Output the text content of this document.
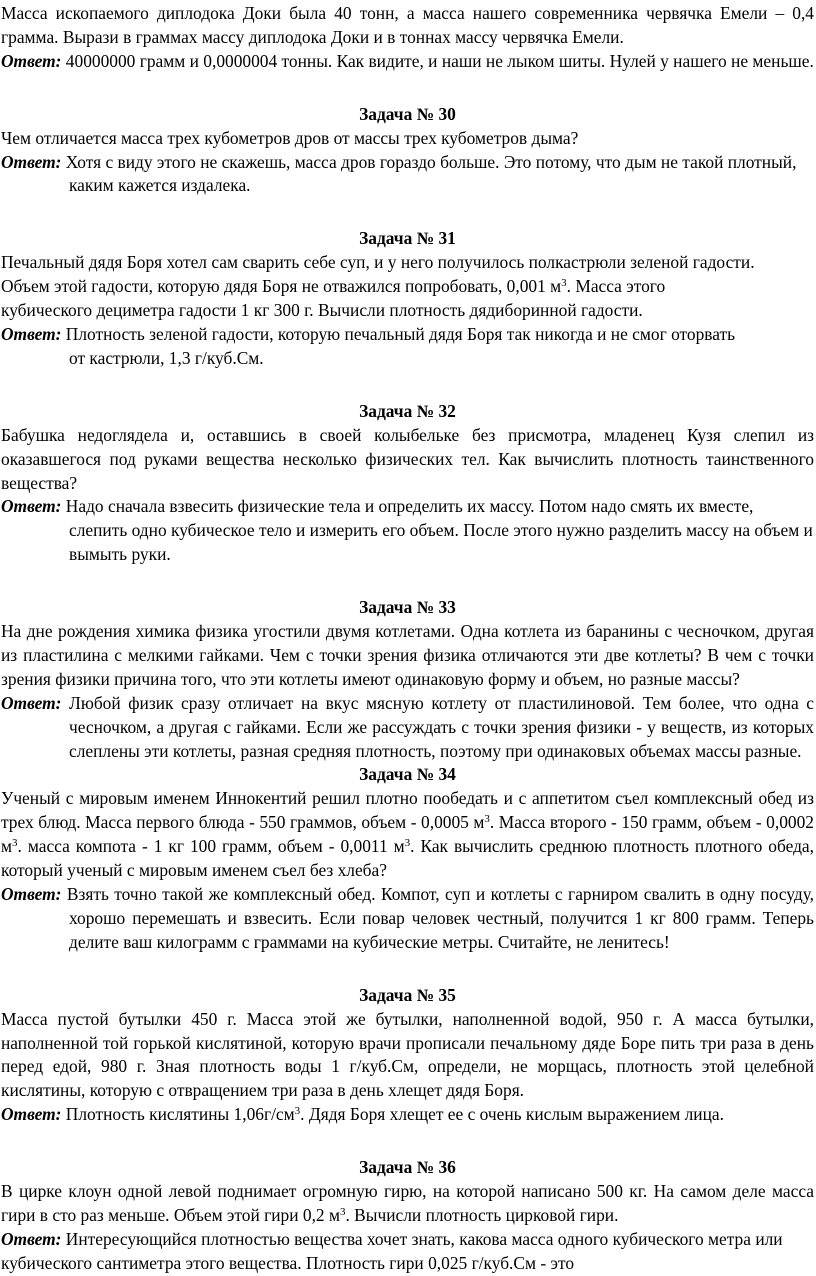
Масса ископаемого диплодока Доки была 40 тонн, а масса нашего современника червячка Емели – 0,4

грамма. Вырази в граммах массу диплодока Доки и в тоннах массу червячка Емели.

Ответ: 40000000 грамм и 0,0000004 тонны. Как видите, и наши не лыком шиты. Нулей у нашего не меньше.

Задача № 30

Чем отличается масса трех кубометров дров от массы трех кубометров дыма?

Ответ: Хотя с виду этого не скажешь, масса дров гораздо больше. Это потому, что дым не такой плотный, каким кажется издалека.

Задача № 31

Печальный дядя Боря хотел сам сварить себе суп, и у него получилось полкастрюли зеленой гадости.

Объем этой гадости, которую дядя Боря не отважился попробовать, 0,001 $м^3$. Масса этого

кубического дециметра гадости 1 кг 300 г. Вычисли плотность дядиборинной гадости.

Ответ: Плотность зеленой гадости, которую печальный дядя Боря так никогда и не смог оторвать

от кастрюли, 1,3 г/куб.См.

Задача № 32

Бабушка недоглядела и, оставшись в своей колыбельке без присмотра, младенец Кузя слепил из оказавшегося под руками вещества несколько физических тел. Как вычислить плотность таинственного вещества?

Ответ: Надо сначала взвесить физические тела и определить их массу. Потом надо смять их вместе, слепить одно кубическое тело и измерить его объем. После этого нужно разделить массу на объем и вымыть руки.

Задача № 33

На дне рождения химика физика угостили двумя котлетами. Одна котлета из баранины с чесночком, другая из пластилина с мелкими гайками. Чем с точки зрения физика отличаются эти две котлеты? В чем с точки зрения физики причина того, что эти котлеты имеют одинаковую форму и объем, но разные массы?

Ответ: Любой физик сразу отличает на вкус мясную котлету от пластилиновой. Тем более, что одна с чесночком, а другая с гайками. Если же рассуждать с точки зрения физики - у веществ, из которых слеплены эти котлеты, разная средняя плотность, поэтому при одинаковых объемах массы разные.

Задача № 34

Ученый с мировым именем Иннокентий решил плотно пообедать и с аппетитом съел комплексный обед из трех блюд. Масса первого блюда - 550 граммов, объем - 0,0005 $м^3$. Масса второго - 150 грамм, объем - 0,0002 $м^3$. масса компота - 1 кг 100 грамм, объем - 0,0011 $м^3$. Как вычислить среднюю плотность плотного обеда, который ученый с мировым именем съел без хлеба?

Ответ: Взять точно такой же комплексный обед. Компот, суп и котлеты с гарниром свалить в одну посуду, хорошо перемешать и взвесить. Если повар человек честный, получится 1 кг 800 грамм. Теперь делите ваш килограмм с граммами на кубические метры. Считайте, не ленитесь!

Задача № 35

Масса пустой бутылки 450 г. Масса этой же бутылки, наполненной водой, 950 г. А масса бутылки, наполненной той горькой кислятиной, которую врачи прописали печальному дяде Боре пить три раза в день перед едой, 980 г. Зная плотность воды 1 г/куб.См, определи, не морщась, плотность этой целебной кислятины, которую с отвращением три раза в день хлещет дядя Боря.

Ответ: Плотность кислятины $1,06г/см^3$. Дядя Боря хлещет ее с очень кислым выражением лица.

Задача № 36

В цирке клоун одной левой поднимает огромную гирю, на которой написано 500 кг. На самом деле масса гири в сто раз меньше. Объем этой гири 0,2 $м^3$. Вычисли плотность цирковой гири.

Ответ: Интересующийся плотностью вещества хочет знать, какова масса одного кубического метра или кубического сантиметра этого вещества. Плотность гири 0,025 г/куб.См - это
